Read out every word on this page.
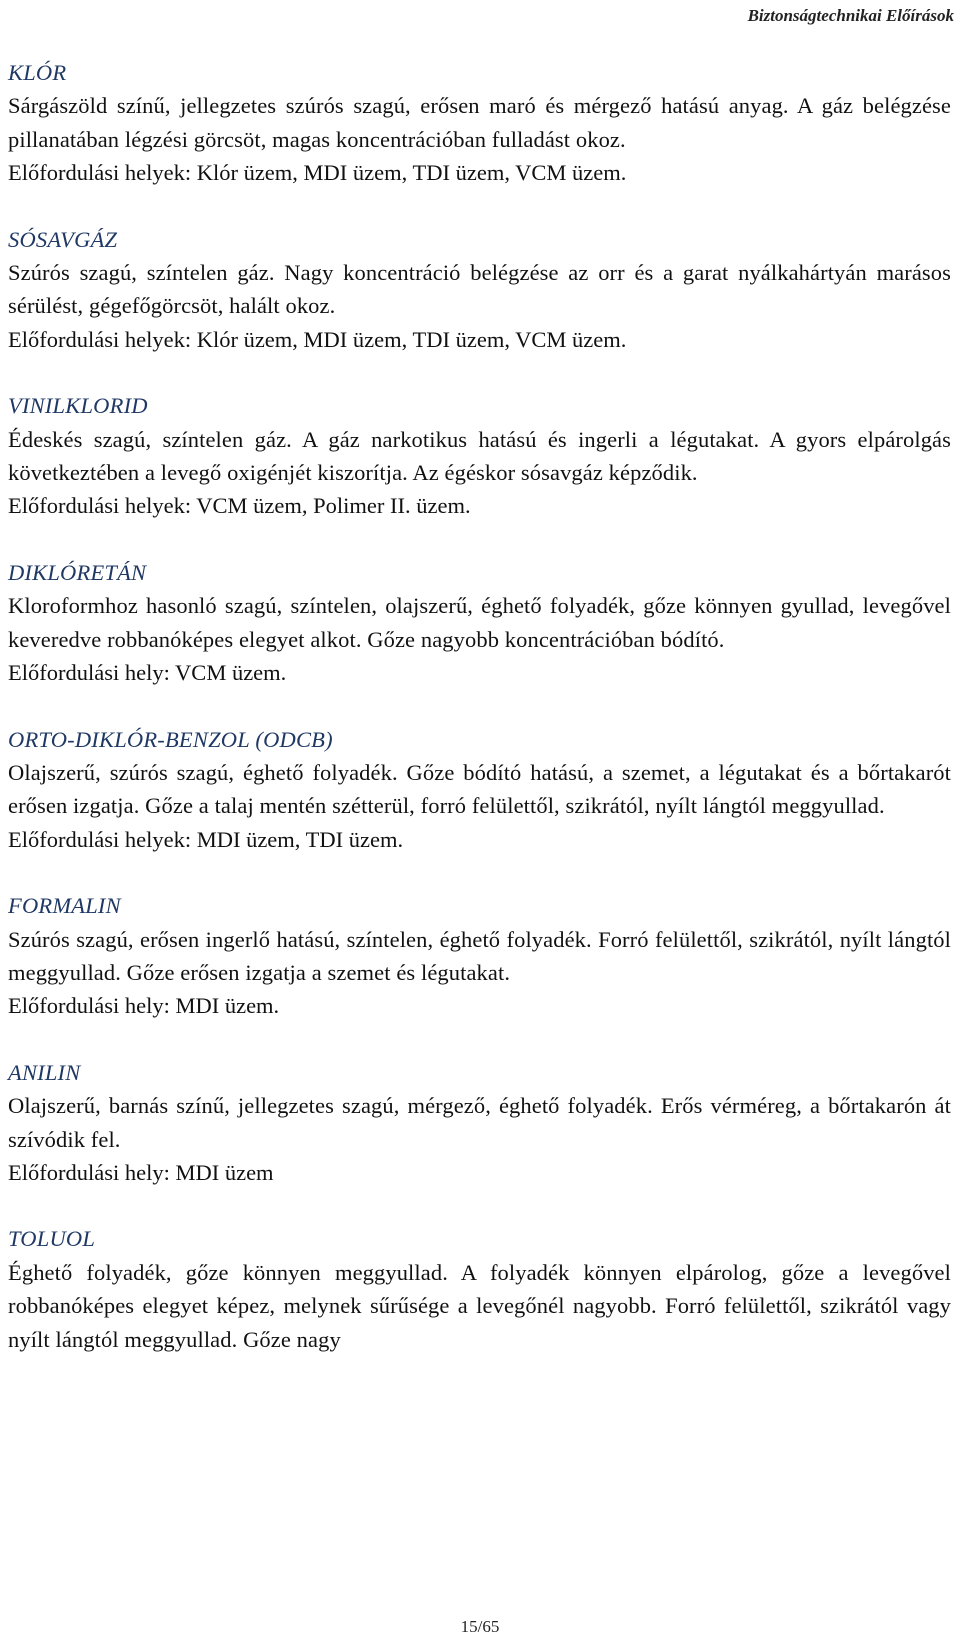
Biztonságtechnikai Előírások
KLÓR
Sárgászöld színű, jellegzetes szúrós szagú, erősen maró és mérgező hatású anyag. A gáz belégzése pillanatában légzési görcsöt, magas koncentrációban fulladást okoz.
Előfordulási helyek: Klór üzem, MDI üzem, TDI üzem, VCM üzem.
SÓSAVGÁZ
Szúrós szagú, színtelen gáz. Nagy koncentráció belégzése az orr és a garat nyálkahártyán marásos sérülést, gégefőgörcsöt, halált okoz.
Előfordulási helyek: Klór üzem, MDI üzem, TDI üzem, VCM üzem.
VINILKLORID
Édeskés szagú, színtelen gáz. A gáz narkotikus hatású és ingerli a légutakat. A gyors elpárolgás következtében a levegő oxigénjét kiszorítja. Az égéskor sósavgáz képződik.
Előfordulási helyek: VCM üzem, Polimer II. üzem.
DIKLÓRETÁN
Kloroformhoz hasonló szagú, színtelen, olajszerű, éghető folyadék, gőze könnyen gyullad, levegővel keveredve robbanóképes elegyet alkot. Gőze nagyobb koncentrációban bódító.
Előfordulási hely: VCM üzem.
ORTO-DIKLÓR-BENZOL (ODCB)
Olajszerű, szúrós szagú, éghető folyadék. Gőze bódító hatású, a szemet, a légutakat és a bőrtakarót erősen izgatja. Gőze a talaj mentén szétterül, forró felülettől, szikrától, nyílt lángtól meggyullad.
Előfordulási helyek: MDI üzem, TDI üzem.
FORMALIN
Szúrós szagú, erősen ingerlő hatású, színtelen, éghető folyadék. Forró felülettől, szikrától, nyílt lángtól meggyullad. Gőze erősen izgatja a szemet és légutakat.
Előfordulási hely: MDI üzem.
ANILIN
Olajszerű, barnás színű, jellegzetes szagú, mérgező, éghető folyadék. Erős vérméreg, a bőrtakarón át szívódik fel.
Előfordulási hely: MDI üzem
TOLUOL
Éghető folyadék, gőze könnyen meggyullad. A folyadék könnyen elpárolog, gőze a levegővel robbanóképes elegyet képez, melynek sűrűsége a levegőnél nagyobb. Forró felülettől, szikrától vagy nyílt lángtól meggyullad. Gőze nagy
15/65
